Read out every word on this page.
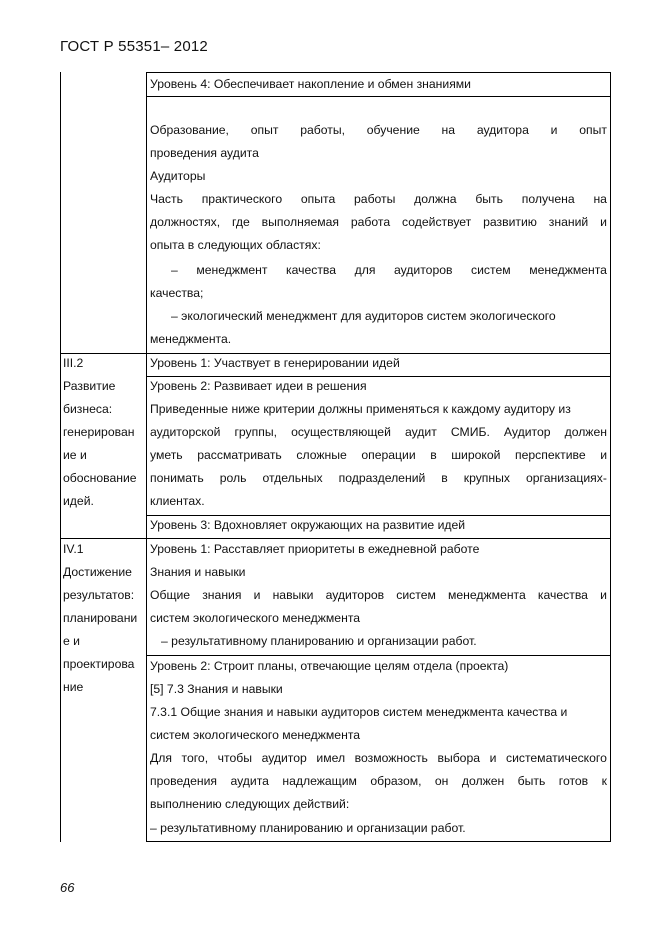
ГОСТ Р 55351– 2012
Уровень 4: Обеспечивает накопление и обмен знаниями
Образование, опыт работы, обучение на аудитора и опыт
проведения аудита
Аудиторы
Часть практического опыта работы должна быть получена на
должностях, где выполняемая работа содействует развитию знаний и
опыта в следующих областях:
– менеджмент качества для аудиторов систем менеджмента
качества;
– экологический менеджмент для аудиторов систем экологического
менеджмента.
III.2
Развитие
бизнеса:
генерирован
ие и
обоснование
идей.
Уровень 1: Участвует в генерировании идей
Уровень 2: Развивает идеи в решения
Приведенные ниже критерии должны применяться к каждому аудитору из
аудиторской группы, осуществляющей аудит СМИБ. Аудитор должен
уметь рассматривать сложные операции в широкой перспективе и
понимать роль отдельных подразделений в крупных организациях-
клиентах.
Уровень 3: Вдохновляет окружающих на развитие идей
IV.1
Достижение
результатов:
планировани
е и
проектирова
ние
Уровень 1: Расставляет приоритеты в ежедневной работе
Знания и навыки
Общие знания и навыки аудиторов систем менеджмента качества и
систем экологического менеджмента
– результативному планированию и организации работ.
Уровень 2: Строит планы, отвечающие целям отдела (проекта)
[5] 7.3 Знания и навыки
7.3.1 Общие знания и навыки аудиторов систем менеджмента качества и
систем экологического менеджмента
Для того, чтобы аудитор имел возможность выбора и систематического
проведения аудита надлежащим образом, он должен быть готов к
выполнению следующих действий:
– результативному планированию и организации работ.
66
